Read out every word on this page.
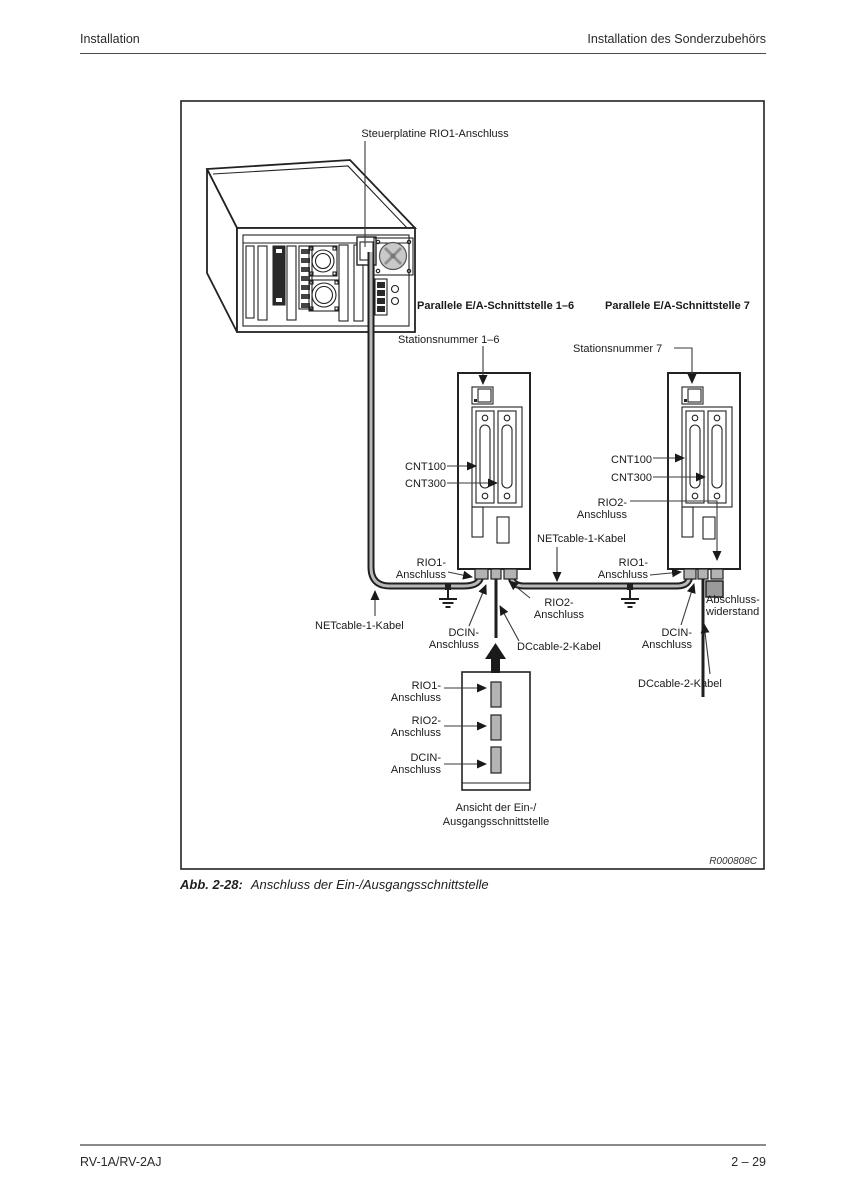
Installation	Installation des Sonderzubehörs
Steuerplatine RIO1-Anschluss
Parallele E/A-Schnittstelle 1–6	Parallele E/A-Schnittstelle 7
Stationsnummer 1–6
Stationsnummer 7
CNT100
CNT300
RIO1-
Anschluss
NETcable-1-Kabel
DCIN-
Anschluss	DCcable-2-Kabel
RIO2-
Anschluss
NETcable-1-Kabel
CNT100
CNT300
RIO2-
Anschluss
RIO1-
Anschluss
Abschluss-
widerstand
DCIN-
Anschluss
DCcable-2-Kabel
RIO1-
Anschluss
RIO2-
Anschluss
DCIN-
Anschluss
Ansicht der Ein-/
Ausgangsschnittstelle
R000808C
Abb. 2-28: Anschluss der Ein-/Ausgangsschnittstelle
RV-1A/RV-2AJ	2 – 29
